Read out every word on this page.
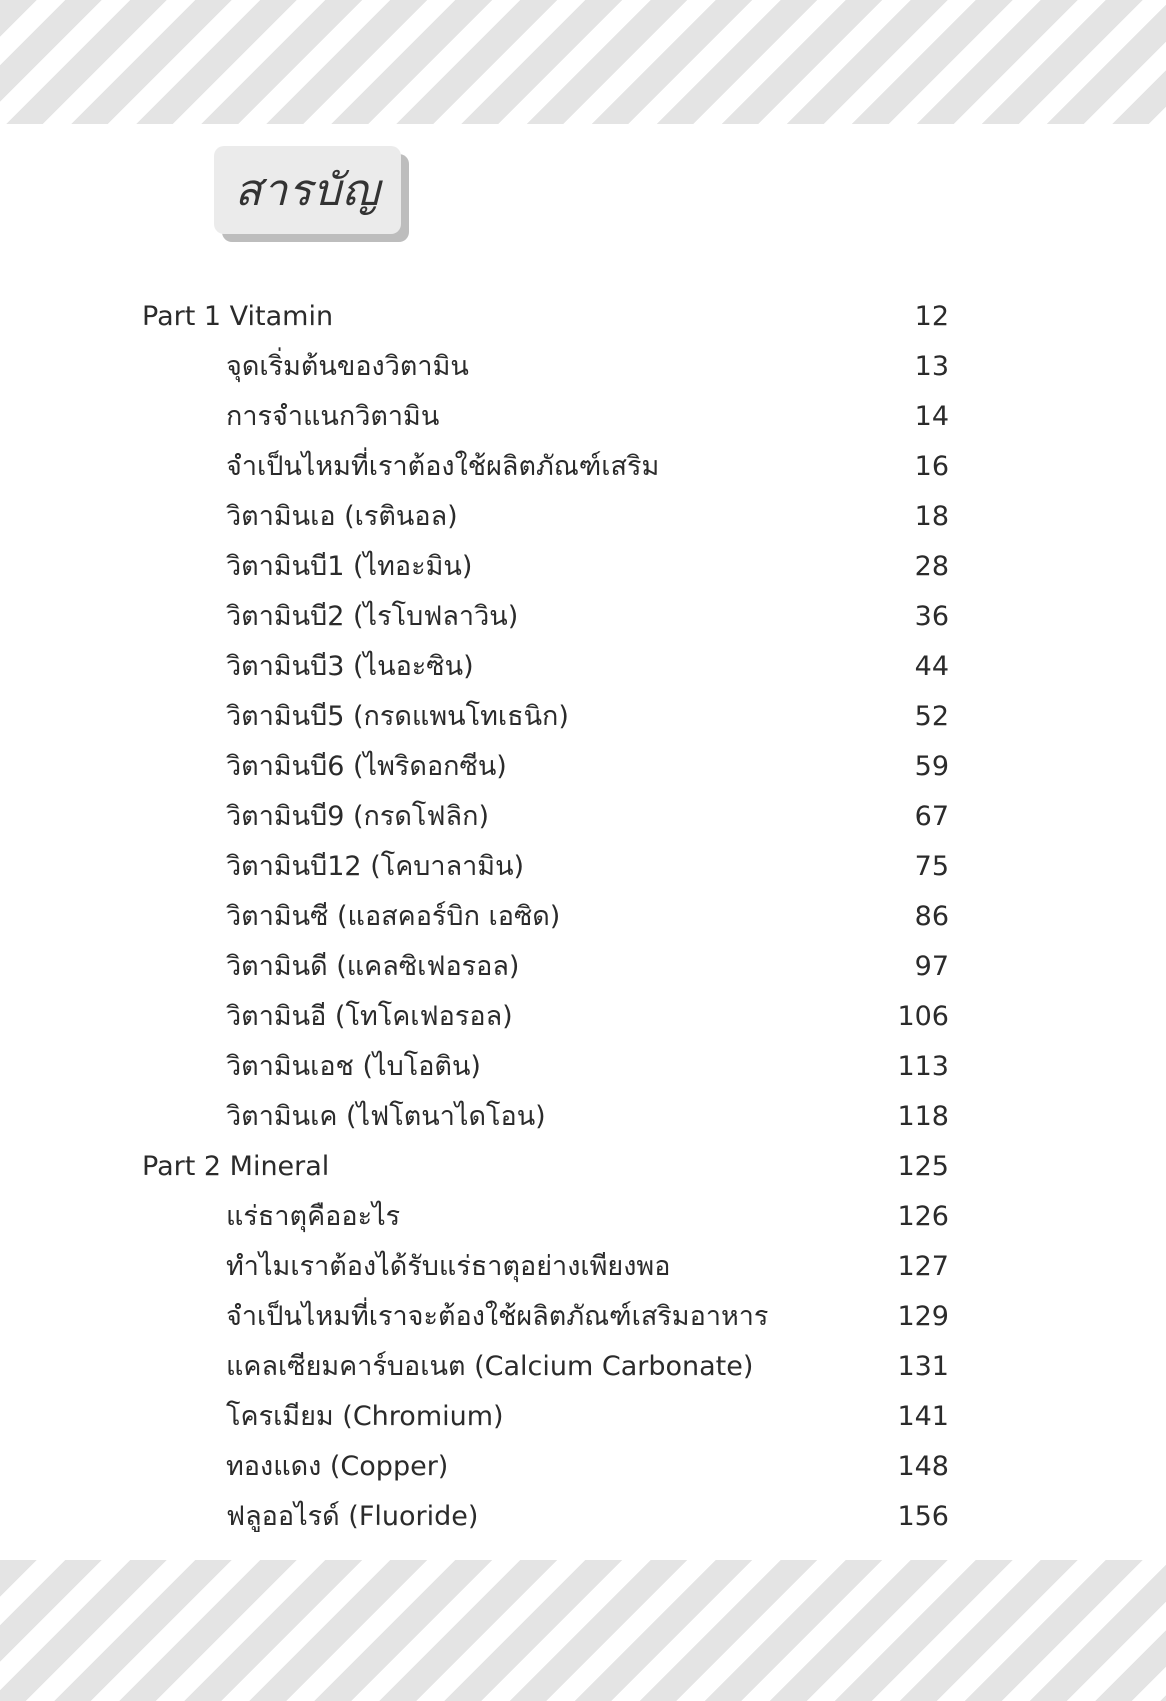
สารบัญ
Part 1 Vitamin	12
จุดเริ่มต้นของวิตามิน	13
การจำแนกวิตามิน	14
จำเป็นไหมที่เราต้องใช้ผลิตภัณฑ์เสริม	16
วิตามินเอ (เรตินอล)	18
วิตามินบี1 (ไทอะมิน)	28
วิตามินบี2 (ไรโบฟลาวิน)	36
วิตามินบี3 (ไนอะซิน)	44
วิตามินบี5 (กรดแพนโทเธนิก)	52
วิตามินบี6 (ไพริดอกซีน)	59
วิตามินบี9 (กรดโฟลิก)	67
วิตามินบี12 (โคบาลามิน)	75
วิตามินซี (แอสคอร์บิก เอซิด)	86
วิตามินดี (แคลซิเฟอรอล)	97
วิตามินอี (โทโคเฟอรอล)	106
วิตามินเอช (ไบโอติน)	113
วิตามินเค (ไฟโตนาไดโอน)	118
Part 2 Mineral	125
แร่ธาตุคืออะไร	126
ทำไมเราต้องได้รับแร่ธาตุอย่างเพียงพอ	127
จำเป็นไหมที่เราจะต้องใช้ผลิตภัณฑ์เสริมอาหาร	129
แคลเซียมคาร์บอเนต (Calcium Carbonate)	131
โครเมียม (Chromium)	141
ทองแดง (Copper)	148
ฟลูออไรด์ (Fluoride)	156
